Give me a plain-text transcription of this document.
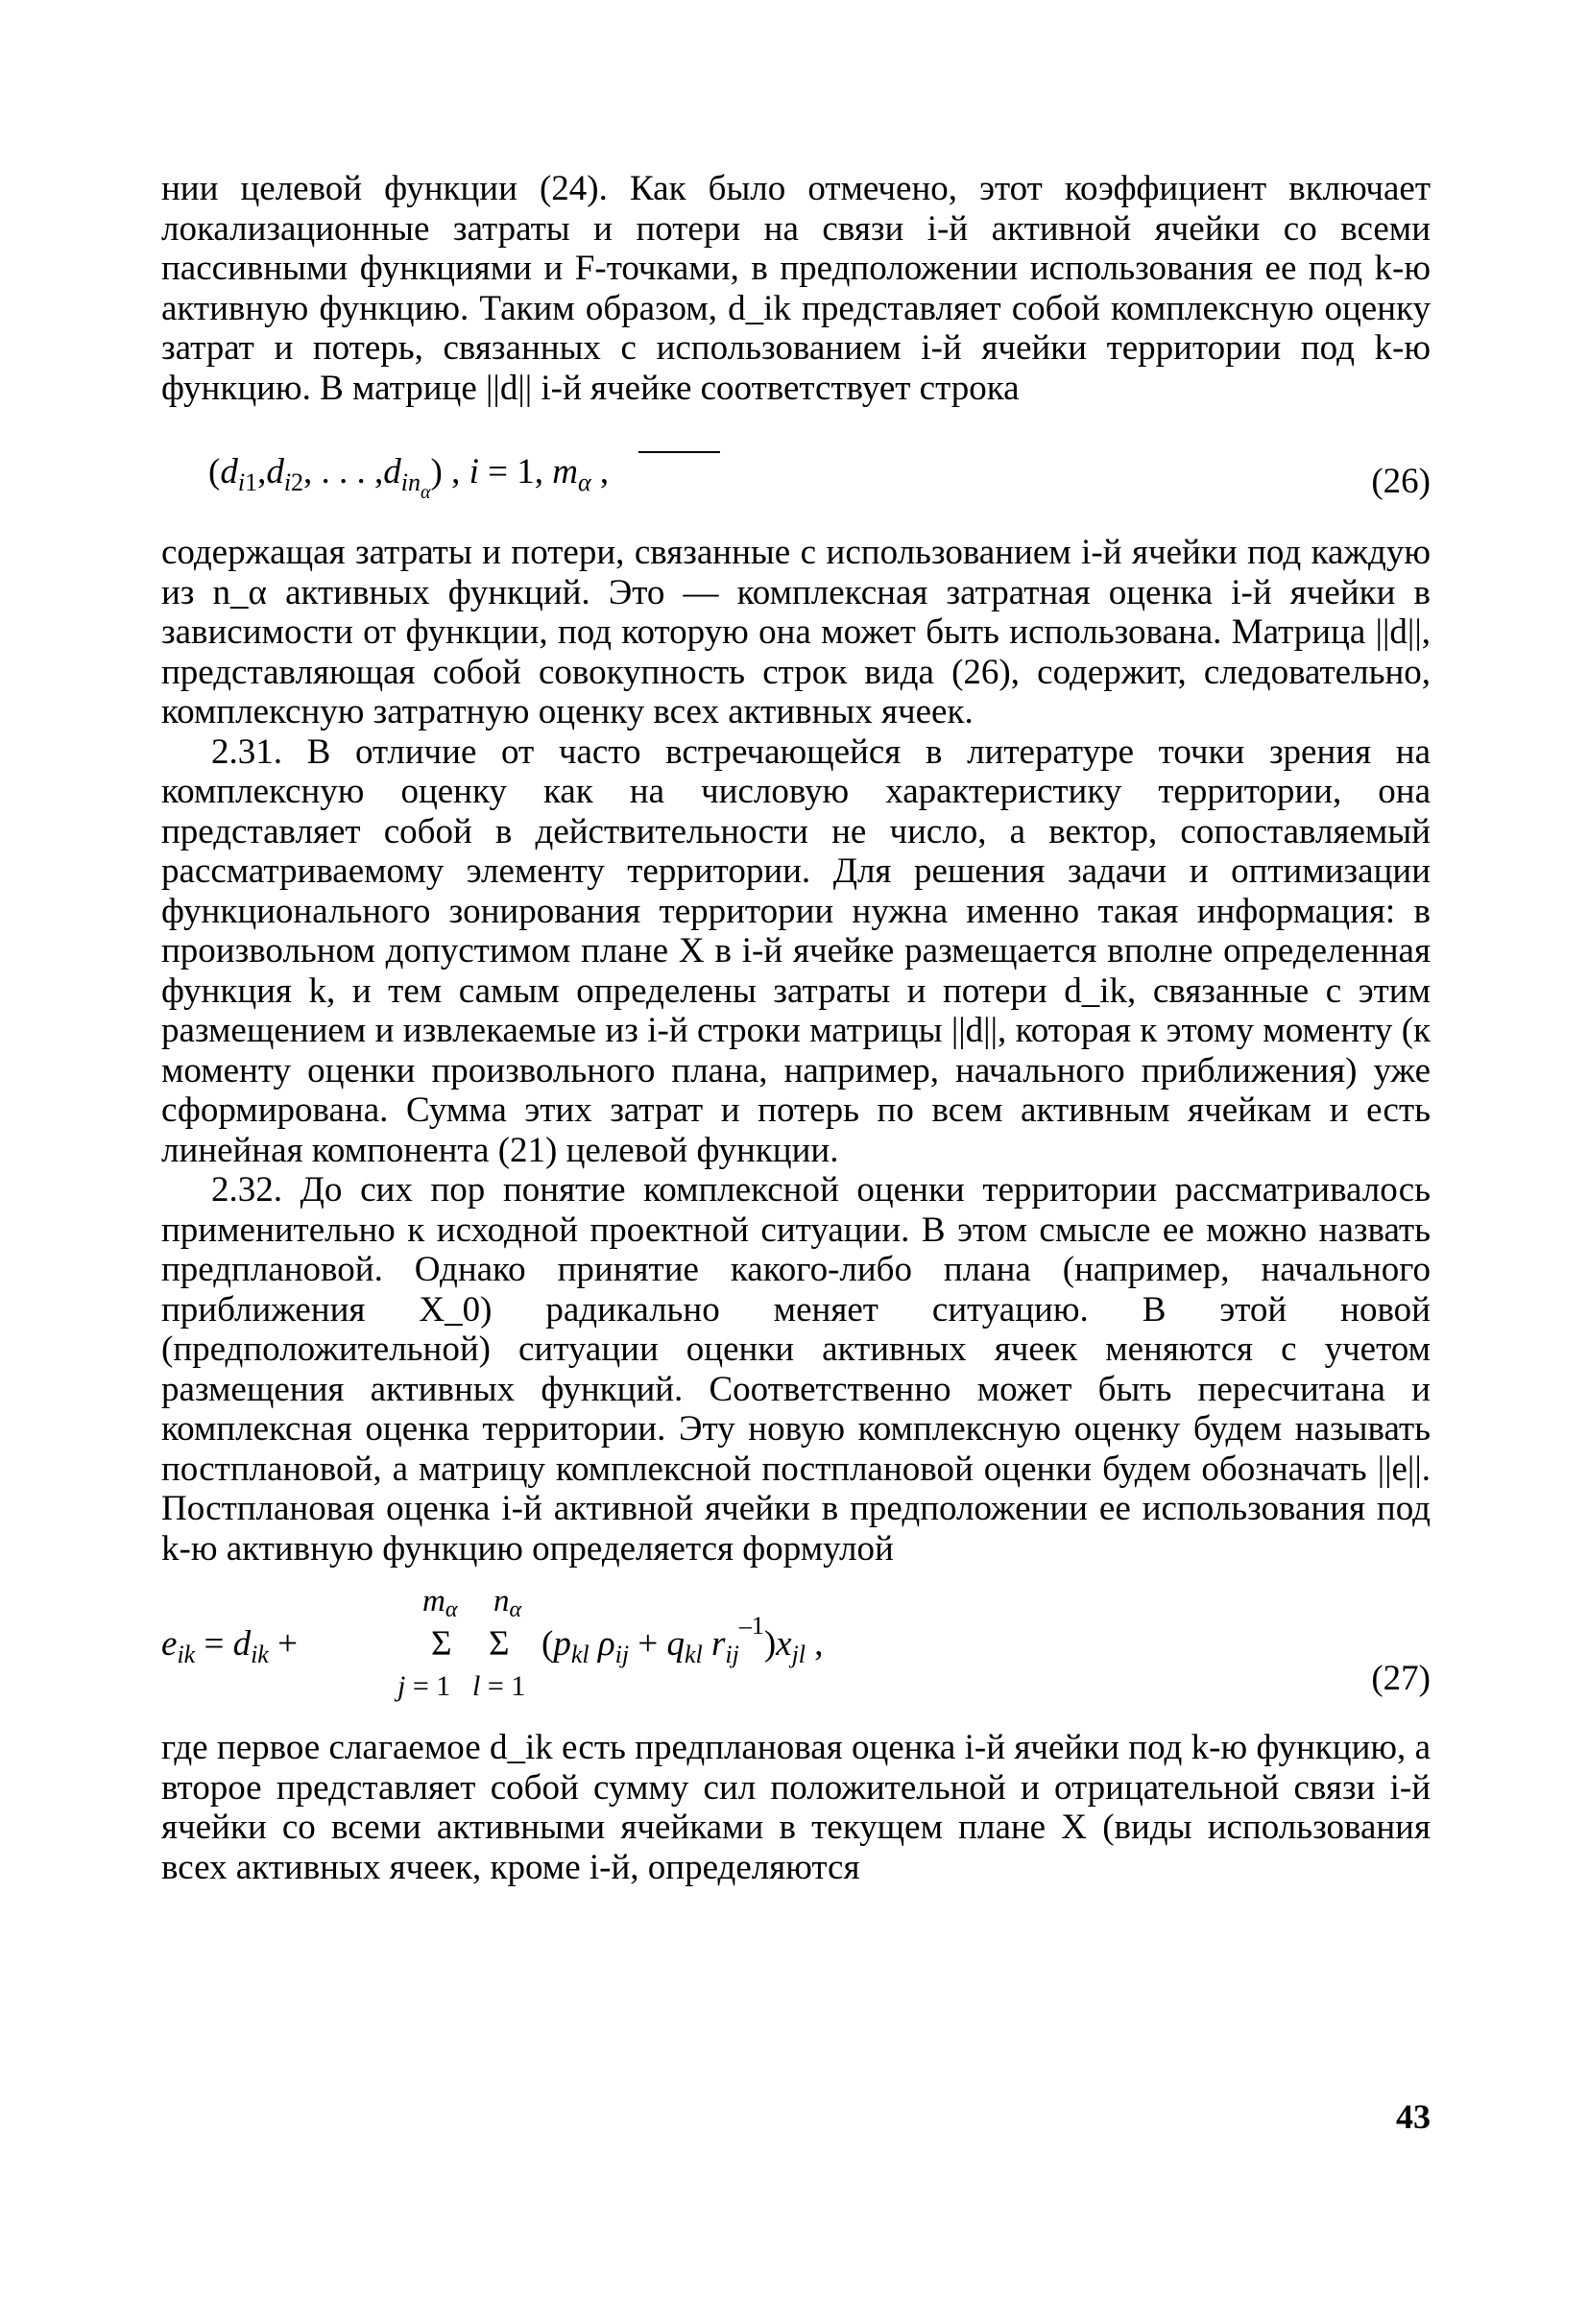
нии целевой функции (24). Как было отмечено, этот коэффициент включает локализационные затраты и потери на связи i-й активной ячейки со всеми пассивными функциями и F-точками, в предположении использования ее под k-ю активную функцию. Таким образом, d_ik представляет собой комплексную оценку затрат и потерь, связанных с использованием i-й ячейки территории под k-ю функцию. В матрице ||d|| i-й ячейке соответствует строка

($d_i1,d_i2$, . . . $,d_{in\alpha}$) , i = 1, $m_\alpha$ ,	(26)

содержащая затраты и потери, связанные с использованием i-й ячейки под каждую из n_α активных функций. Это — комплексная затратная оценка i-й ячейки в зависимости от функции, под которую она может быть использована. Матрица ||d||, представляющая собой совокупность строк вида (26), содержит, следовательно, комплексную затратную оценку всех активных ячеек.

2.31. В отличие от часто встречающейся в литературе точки зрения на комплексную оценку как на числовую характеристику территории, она представляет собой в действительности не число, а вектор, сопоставляемый рассматриваемому элементу территории. Для решения задачи и оптимизации функционального зонирования территории нужна именно такая информация: в произвольном допустимом плане X в i-й ячейке размещается вполне определенная функция k, и тем самым определены затраты и потери d_ik, связанные с этим размещением и извлекаемые из i-й строки матрицы ||d||, которая к этому моменту (к моменту оценки произвольного плана, например, начального приближения) уже сформирована. Сумма этих затрат и потерь по всем активным ячейкам и есть линейная компонента (21) целевой функции.

2.32. До сих пор понятие комплексной оценки территории рассматривалось применительно к исходной проектной ситуации. В этом смысле ее можно назвать предплановой. Однако принятие какого-либо плана (например, начального приближения X_0) радикально меняет ситуацию. В этой новой (предположительной) ситуации оценки активных ячеек меняются с учетом размещения активных функций. Соответственно может быть пересчитана и комплексная оценка территории. Эту новую комплексную оценку будем называть постплановой, а матрицу комплексной постплановой оценки будем обозначать ||e||. Постплановая оценка i-й активной ячейки в предположении ее использования под k-ю активную функцию определяется формулой

mα nα
$e_{ik} = d_{ik}$ +	Σ Σ
j = 1 l = 1
($p_{kl}$ $\rho_{ij} + q_{kl}$ $r_{ij}^{-1})x_{jl}$ ,
(27)

где первое слагаемое d_ik есть предплановая оценка i-й ячейки под k-ю функцию, а второе представляет собой сумму сил положительной и отрицательной связи i-й ячейки со всеми активными ячейками в текущем плане X (виды использования всех активных ячеек, кроме i-й, определяются

43
